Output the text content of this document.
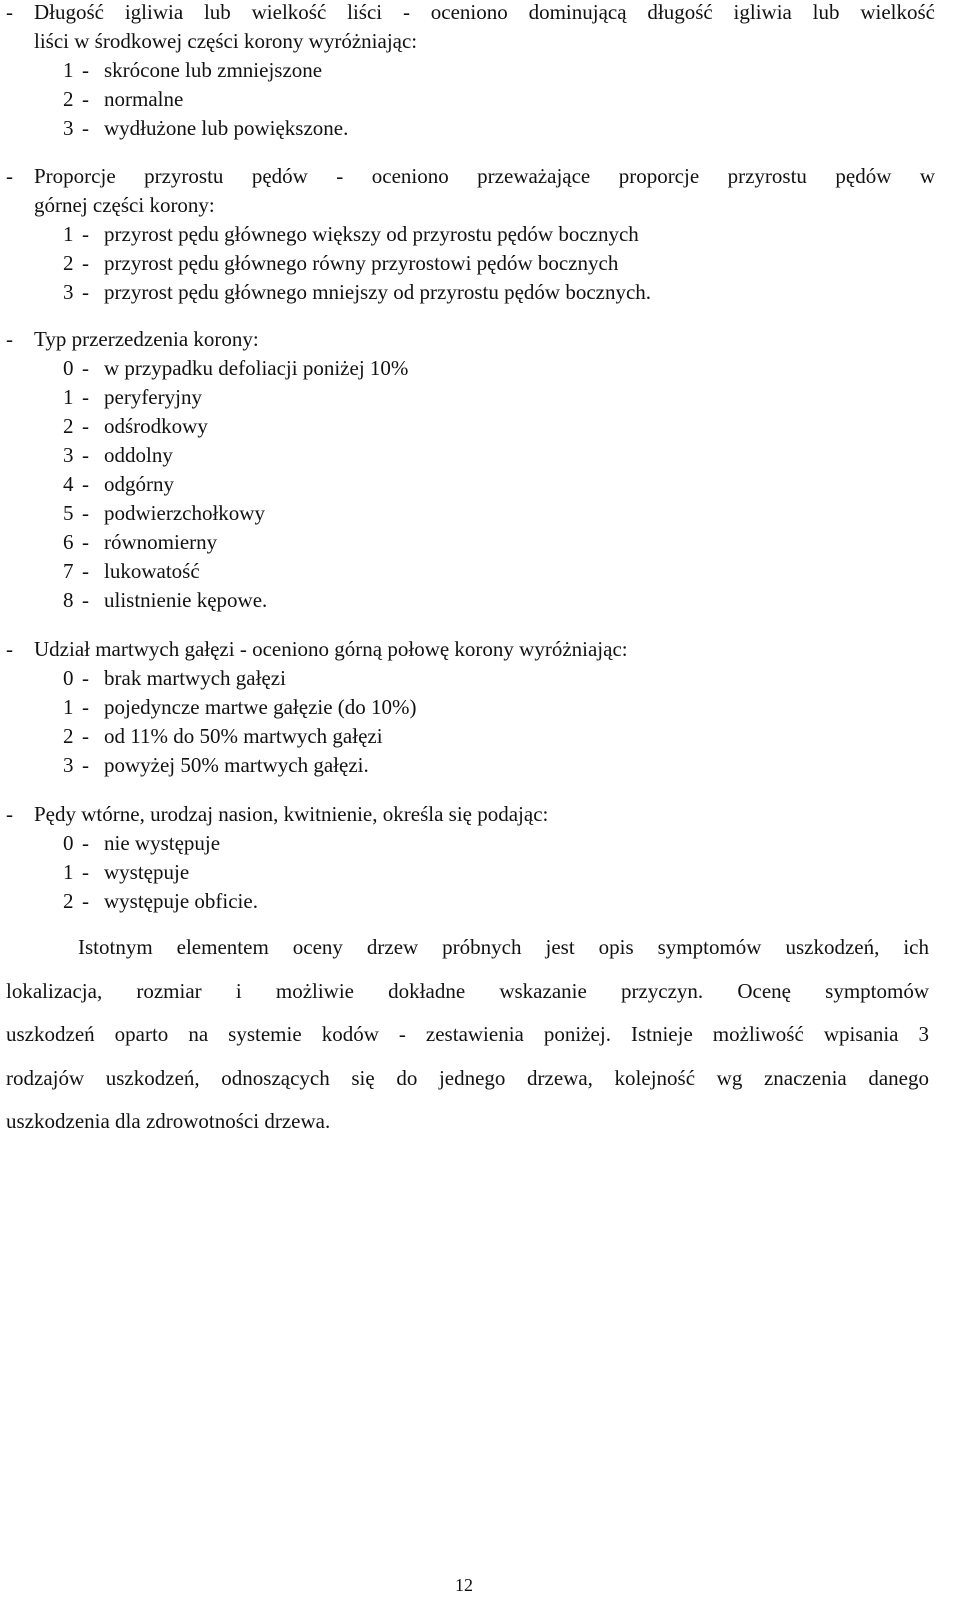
- Długość igliwia lub wielkość liści - oceniono dominującą długość igliwia lub wielkość
liści w środkowej części korony wyróżniając:
1 - skrócone lub zmniejszone
2 - normalne
3 - wydłużone lub powiększone.
- Proporcje przyrostu pędów - oceniono przeważające proporcje przyrostu pędów w
górnej części korony:
1 - przyrost pędu głównego większy od przyrostu pędów bocznych
2 - przyrost pędu głównego równy przyrostowi pędów bocznych
3 - przyrost pędu głównego mniejszy od przyrostu pędów bocznych.
- Typ przerzedzenia korony:
0 - w przypadku defoliacji poniżej 10%
1 - peryferyjny
2 - odśrodkowy
3 - oddolny
4 - odgórny
5 - podwierzchołkowy
6 - równomierny
7 - lukowatość
8 - ulistnienie kępowe.
- Udział martwych gałęzi - oceniono górną połowę korony wyróżniając:
0 - brak martwych gałęzi
1 - pojedyncze martwe gałęzie (do 10%)
2 - od 11% do 50% martwych gałęzi
3 - powyżej 50% martwych gałęzi.
- Pędy wtórne, urodzaj nasion, kwitnienie, określa się podając:
0 - nie występuje
1 - występuje
2 - występuje obficie.
Istotnym elementem oceny drzew próbnych jest opis symptomów uszkodzeń, ich
lokalizacja, rozmiar i możliwie dokładne wskazanie przyczyn. Ocenę symptomów
uszkodzeń oparto na systemie kodów - zestawienia poniżej. Istnieje możliwość wpisania 3
rodzajów uszkodzeń, odnoszących się do jednego drzewa, kolejność wg znaczenia danego
uszkodzenia dla zdrowotności drzewa.
12
